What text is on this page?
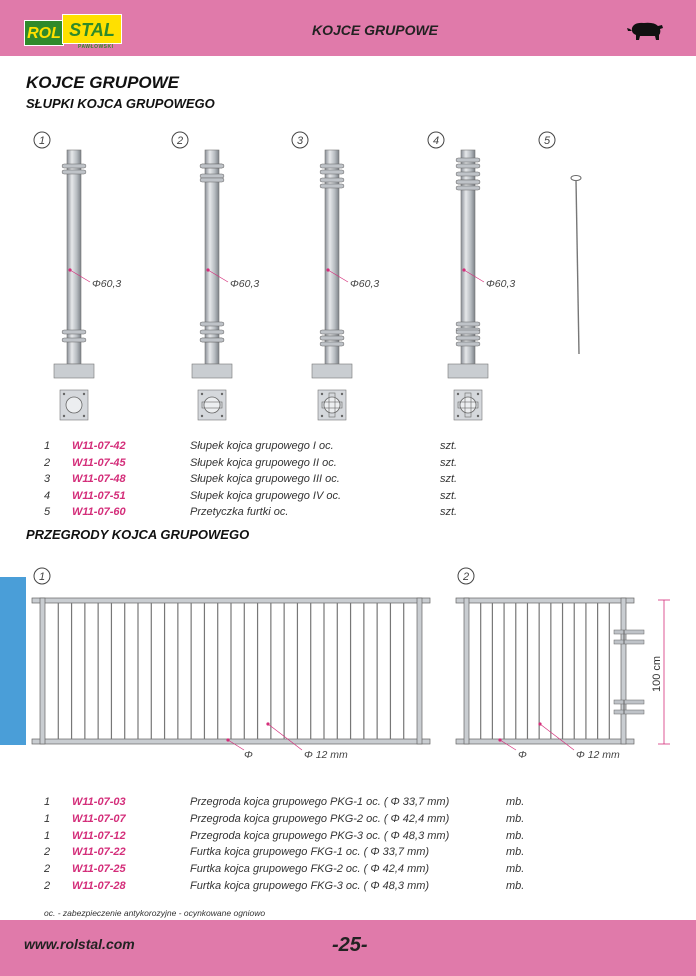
ROL STAL
PAWŁOWSKI
KOJCE GRUPOWE
KOJCE GRUPOWE
SŁUPKI KOJCA GRUPOWEGO
1
Φ60,3
2
Φ60,3
3
Φ60,3
4
Φ60,3
5
1 W11-07-42	Słupek kojca grupowego I oc.	szt.
2 W11-07-45	Słupek kojca grupowego II oc.	szt.
3 W11-07-48	Słupek kojca grupowego III oc.	szt.
4 W11-07-51	Słupek kojca grupowego IV oc.	szt.
5 W11-07-60	Przetyczka furtki oc.	szt.
PRZEGRODY KOJCA GRUPOWEGO
1	2
100 cm
Φ	Φ 12 mm	Φ	Φ 12 mm
1 W11-07-03	Przegroda kojca grupowego PKG-1 oc. ( Φ 33,7 mm)	mb.
1 W11-07-07	Przegroda kojca grupowego PKG-2 oc. ( Φ 42,4 mm)	mb.
1 W11-07-12	Przegroda kojca grupowego PKG-3 oc. ( Φ 48,3 mm)	mb.
2 W11-07-22	Furtka kojca grupowego FKG-1 oc. ( Φ 33,7 mm)	mb.
2 W11-07-25	Furtka kojca grupowego FKG-2 oc. ( Φ 42,4 mm)	mb.
2 W11-07-28	Furtka kojca grupowego FKG-3 oc. ( Φ 48,3 mm)	mb.
oc. - zabezpieczenie antykorozyjne - ocynkowane ogniowo
www.rolstal.com	-25-
